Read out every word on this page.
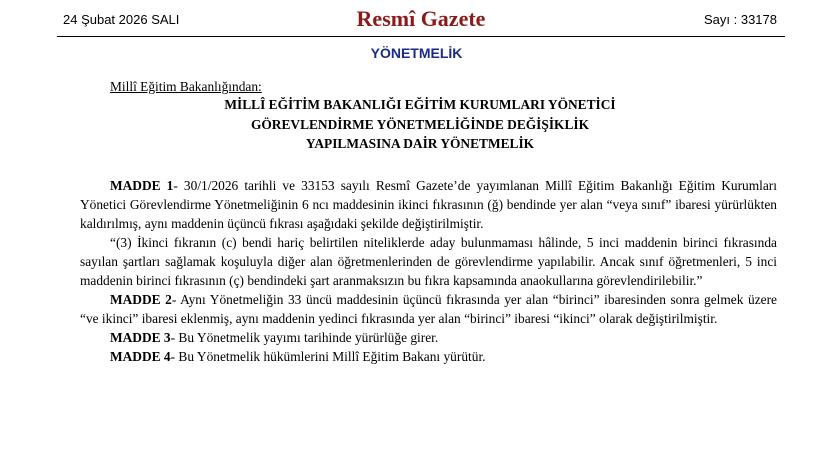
24 Şubat 2026 SALI	Resmî Gazete	Sayı : 33178
YÖNETMELİK
Millî Eğitim Bakanlığından:
MİLLÎ EĞİTİM BAKANLIĞI EĞİTİM KURUMLARI YÖNETİCİ
GÖREVLENDİRME YÖNETMELİĞİNDE DEĞİŞİKLİK
YAPILMASINA DAİR YÖNETMELİK

MADDE 1- 30/1/2026 tarihli ve 33153 sayılı Resmî Gazete’de yayımlanan Millî Eğitim Bakanlığı Eğitim Kurumları Yönetici Görevlendirme Yönetmeliğinin 6 ncı maddesinin ikinci fıkrasının (ğ) bendinde yer alan “veya sınıf” ibaresi yürürlükten kaldırılmış, aynı maddenin üçüncü fıkrası aşağıdaki şekilde değiştirilmiştir.

“(3) İkinci fıkranın (c) bendi hariç belirtilen niteliklerde aday bulunmaması hâlinde, 5 inci maddenin birinci fıkrasında sayılan şartları sağlamak koşuluyla diğer alan öğretmenlerinden de görevlendirme yapılabilir. Ancak sınıf öğretmenleri, 5 inci maddenin birinci fıkrasının (ç) bendindeki şart aranmaksızın bu fıkra kapsamında anaokullarına görevlendirilebilir.”

MADDE 2- Aynı Yönetmeliğin 33 üncü maddesinin üçüncü fıkrasında yer alan “birinci” ibaresinden sonra gelmek üzere “ve ikinci” ibaresi eklenmiş, aynı maddenin yedinci fıkrasında yer alan “birinci” ibaresi “ikinci” olarak değiştirilmiştir.

MADDE 3- Bu Yönetmelik yayımı tarihinde yürürlüğe girer.

MADDE 4- Bu Yönetmelik hükümlerini Millî Eğitim Bakanı yürütür.
